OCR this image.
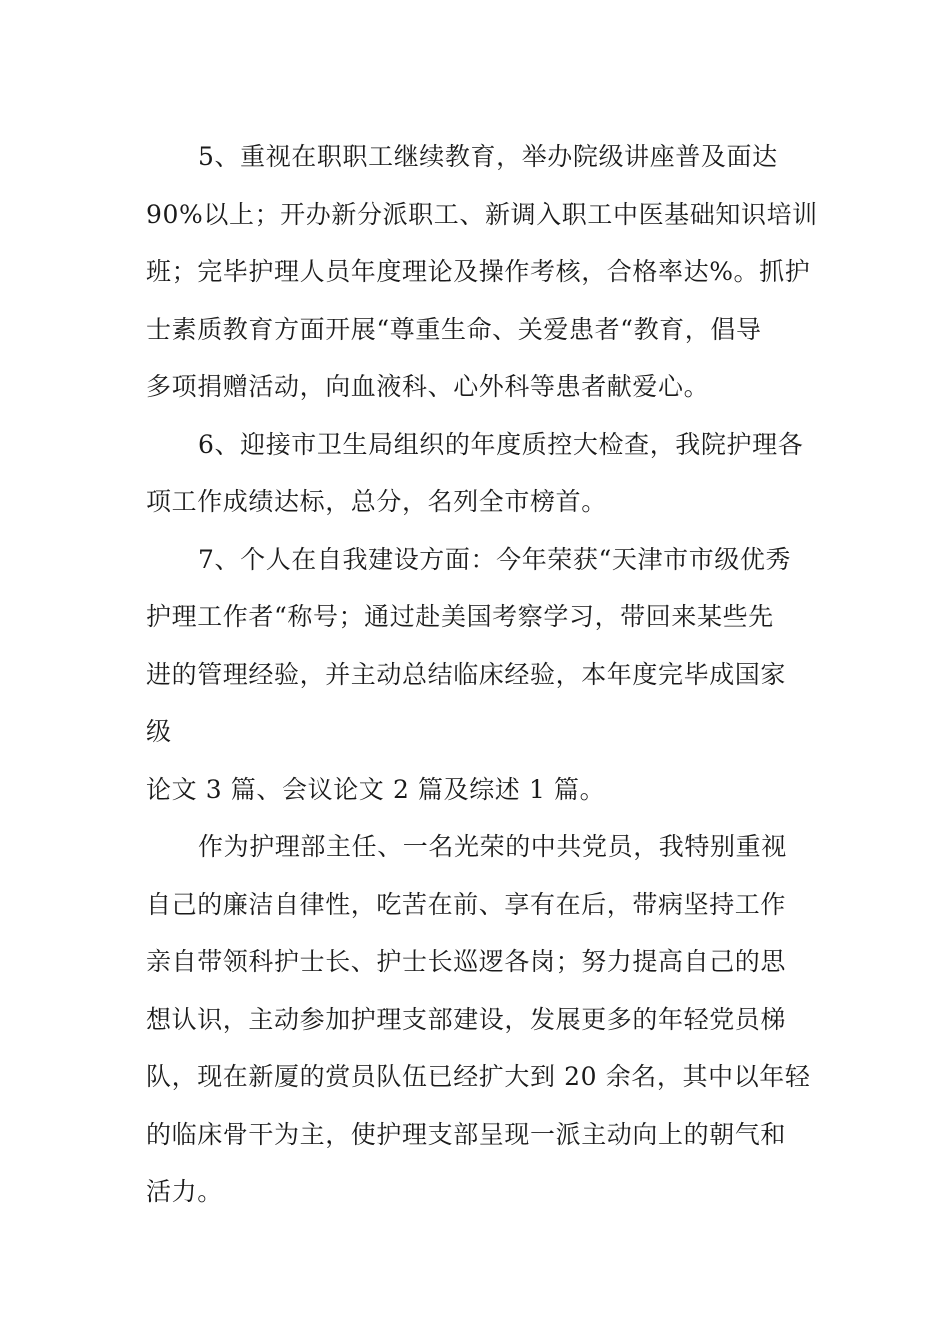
5、重视在职职工继续教育，举办院级讲座普及面达
90%以上；开办新分派职工、新调入职工中医基础知识培训
班；完毕护理人员年度理论及操作考核，合格率达%。抓护
士素质教育方面开展“尊重生命、关爱患者“教育，倡导
多项捐赠活动，向血液科、心外科等患者献爱心。
6、迎接市卫生局组织的年度质控大检查，我院护理各
项工作成绩达标，总分，名列全市榜首。
7、个人在自我建设方面：今年荣获“天津市市级优秀
护理工作者“称号；通过赴美国考察学习，带回来某些先
进的管理经验，并主动总结临床经验，本年度完毕成国家
级
论文 3 篇、会议论文 2 篇及综述 1 篇。
作为护理部主任、一名光荣的中共党员，我特别重视
自己的廉洁自律性，吃苦在前、享有在后，带病坚持工作
亲自带领科护士长、护士长巡逻各岗；努力提高自己的思
想认识，主动参加护理支部建设，发展更多的年轻党员梯
队，现在新厦的赏员队伍已经扩大到 20 余名，其中以年轻
的临床骨干为主，使护理支部呈现一派主动向上的朝气和
活力。
